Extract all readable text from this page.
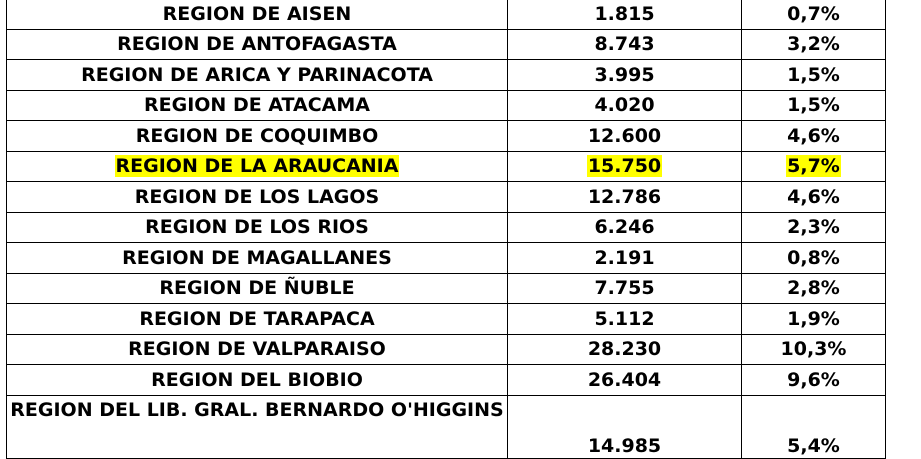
REGION DE AISEN	1.815	0,7%
REGION DE ANTOFAGASTA	8.743	3,2%
REGION DE ARICA Y PARINACOTA	3.995	1,5%
REGION DE ATACAMA	4.020	1,5%
REGION DE COQUIMBO	12.600	4,6%
REGION DE LA ARAUCANIA	15.750	5,7%
REGION DE LOS LAGOS	12.786	4,6%
REGION DE LOS RIOS	6.246	2,3%
REGION DE MAGALLANES	2.191	0,8%
REGION DE ÑUBLE	7.755	2,8%
REGION DE TARAPACA	5.112	1,9%
REGION DE VALPARAISO	28.230	10,3%
REGION DEL BIOBIO	26.404	9,6%
REGION DEL LIB. GRAL. BERNARDO O'HIGGINS	14.985	5,4%
